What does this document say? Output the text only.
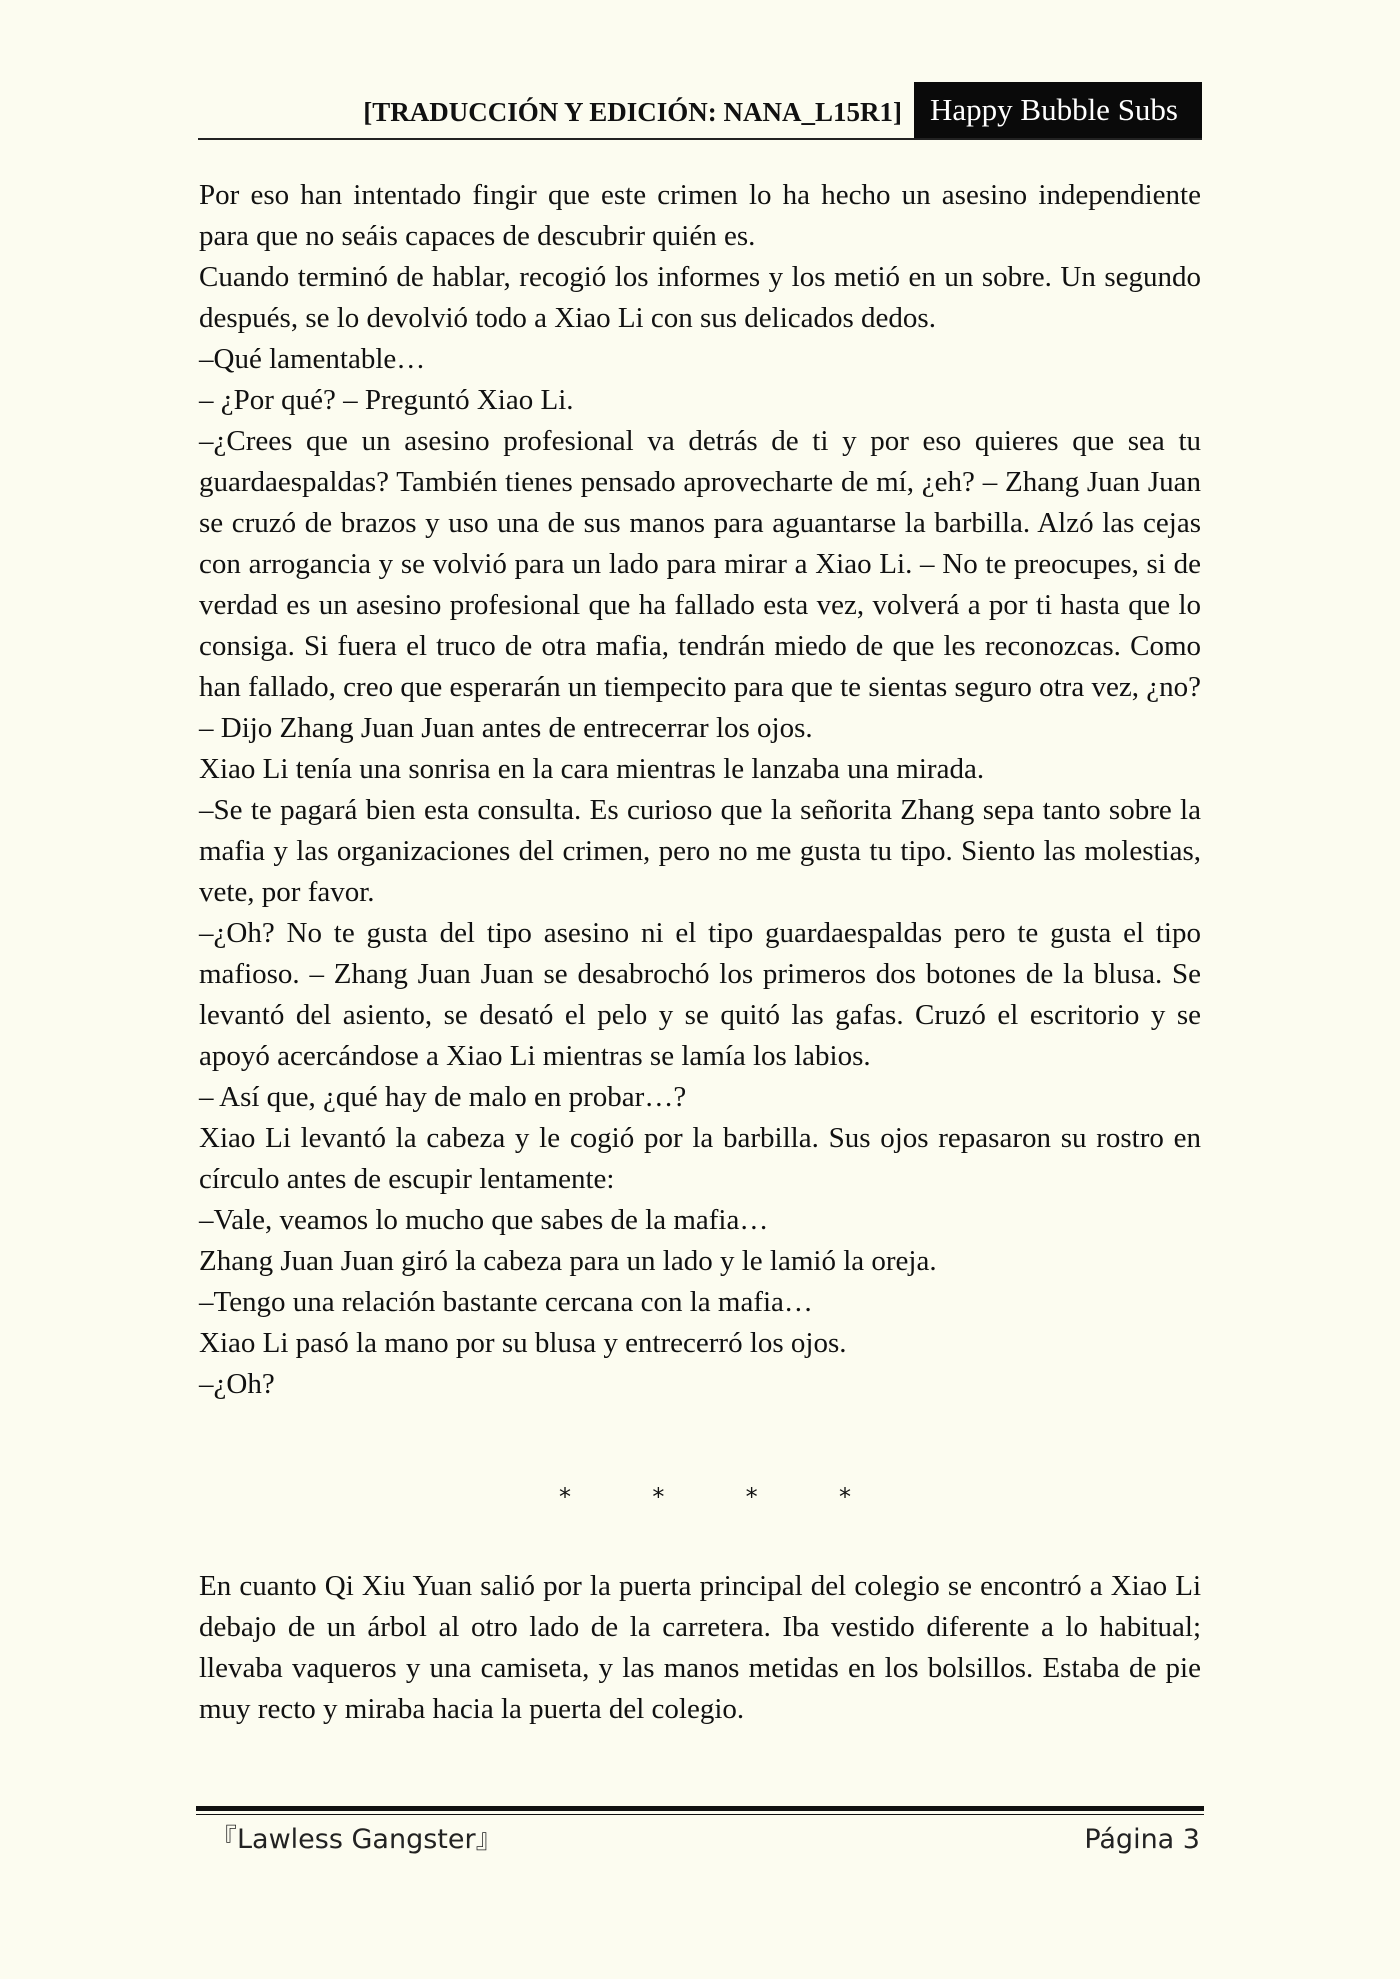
[TRADUCCIÓN Y EDICIÓN: NANA_L15R1] Happy Bubble Subs

Por eso han intentado fingir que este crimen lo ha hecho un asesino independiente para que no seáis capaces de descubrir quién es.

Cuando terminó de hablar, recogió los informes y los metió en un sobre. Un segundo después, se lo devolvió todo a Xiao Li con sus delicados dedos.

–Qué lamentable…

– ¿Por qué? – Preguntó Xiao Li.

–¿Crees que un asesino profesional va detrás de ti y por eso quieres que sea tu guardaespaldas? También tienes pensado aprovecharte de mí, ¿eh? – Zhang Juan Juan se cruzó de brazos y uso una de sus manos para aguantarse la barbilla. Alzó las cejas con arrogancia y se volvió para un lado para mirar a Xiao Li. – No te preocupes, si de verdad es un asesino profesional que ha fallado esta vez, volverá a por ti hasta que lo consiga. Si fuera el truco de otra mafia, tendrán miedo de que les reconozcas. Como han fallado, creo que esperarán un tiempecito para que te sientas seguro otra vez, ¿no? – Dijo Zhang Juan Juan antes de entrecerrar los ojos.

Xiao Li tenía una sonrisa en la cara mientras le lanzaba una mirada.

–Se te pagará bien esta consulta. Es curioso que la señorita Zhang sepa tanto sobre la mafia y las organizaciones del crimen, pero no me gusta tu tipo. Siento las molestias, vete, por favor.

–¿Oh? No te gusta del tipo asesino ni el tipo guardaespaldas pero te gusta el tipo mafioso. – Zhang Juan Juan se desabrochó los primeros dos botones de la blusa. Se levantó del asiento, se desató el pelo y se quitó las gafas. Cruzó el escritorio y se apoyó acercándose a Xiao Li mientras se lamía los labios.

– Así que, ¿qué hay de malo en probar…?

Xiao Li levantó la cabeza y le cogió por la barbilla. Sus ojos repasaron su rostro en círculo antes de escupir lentamente:

–Vale, veamos lo mucho que sabes de la mafia…

Zhang Juan Juan giró la cabeza para un lado y le lamió la oreja.

–Tengo una relación bastante cercana con la mafia…

Xiao Li pasó la mano por su blusa y entrecerró los ojos.

–¿Oh?

*	*	*	*

En cuanto Qi Xiu Yuan salió por la puerta principal del colegio se encontró a Xiao Li debajo de un árbol al otro lado de la carretera. Iba vestido diferente a lo habitual; llevaba vaqueros y una camiseta, y las manos metidas en los bolsillos. Estaba de pie muy recto y miraba hacia la puerta del colegio.

『Lawless Gangster』	Página 3
